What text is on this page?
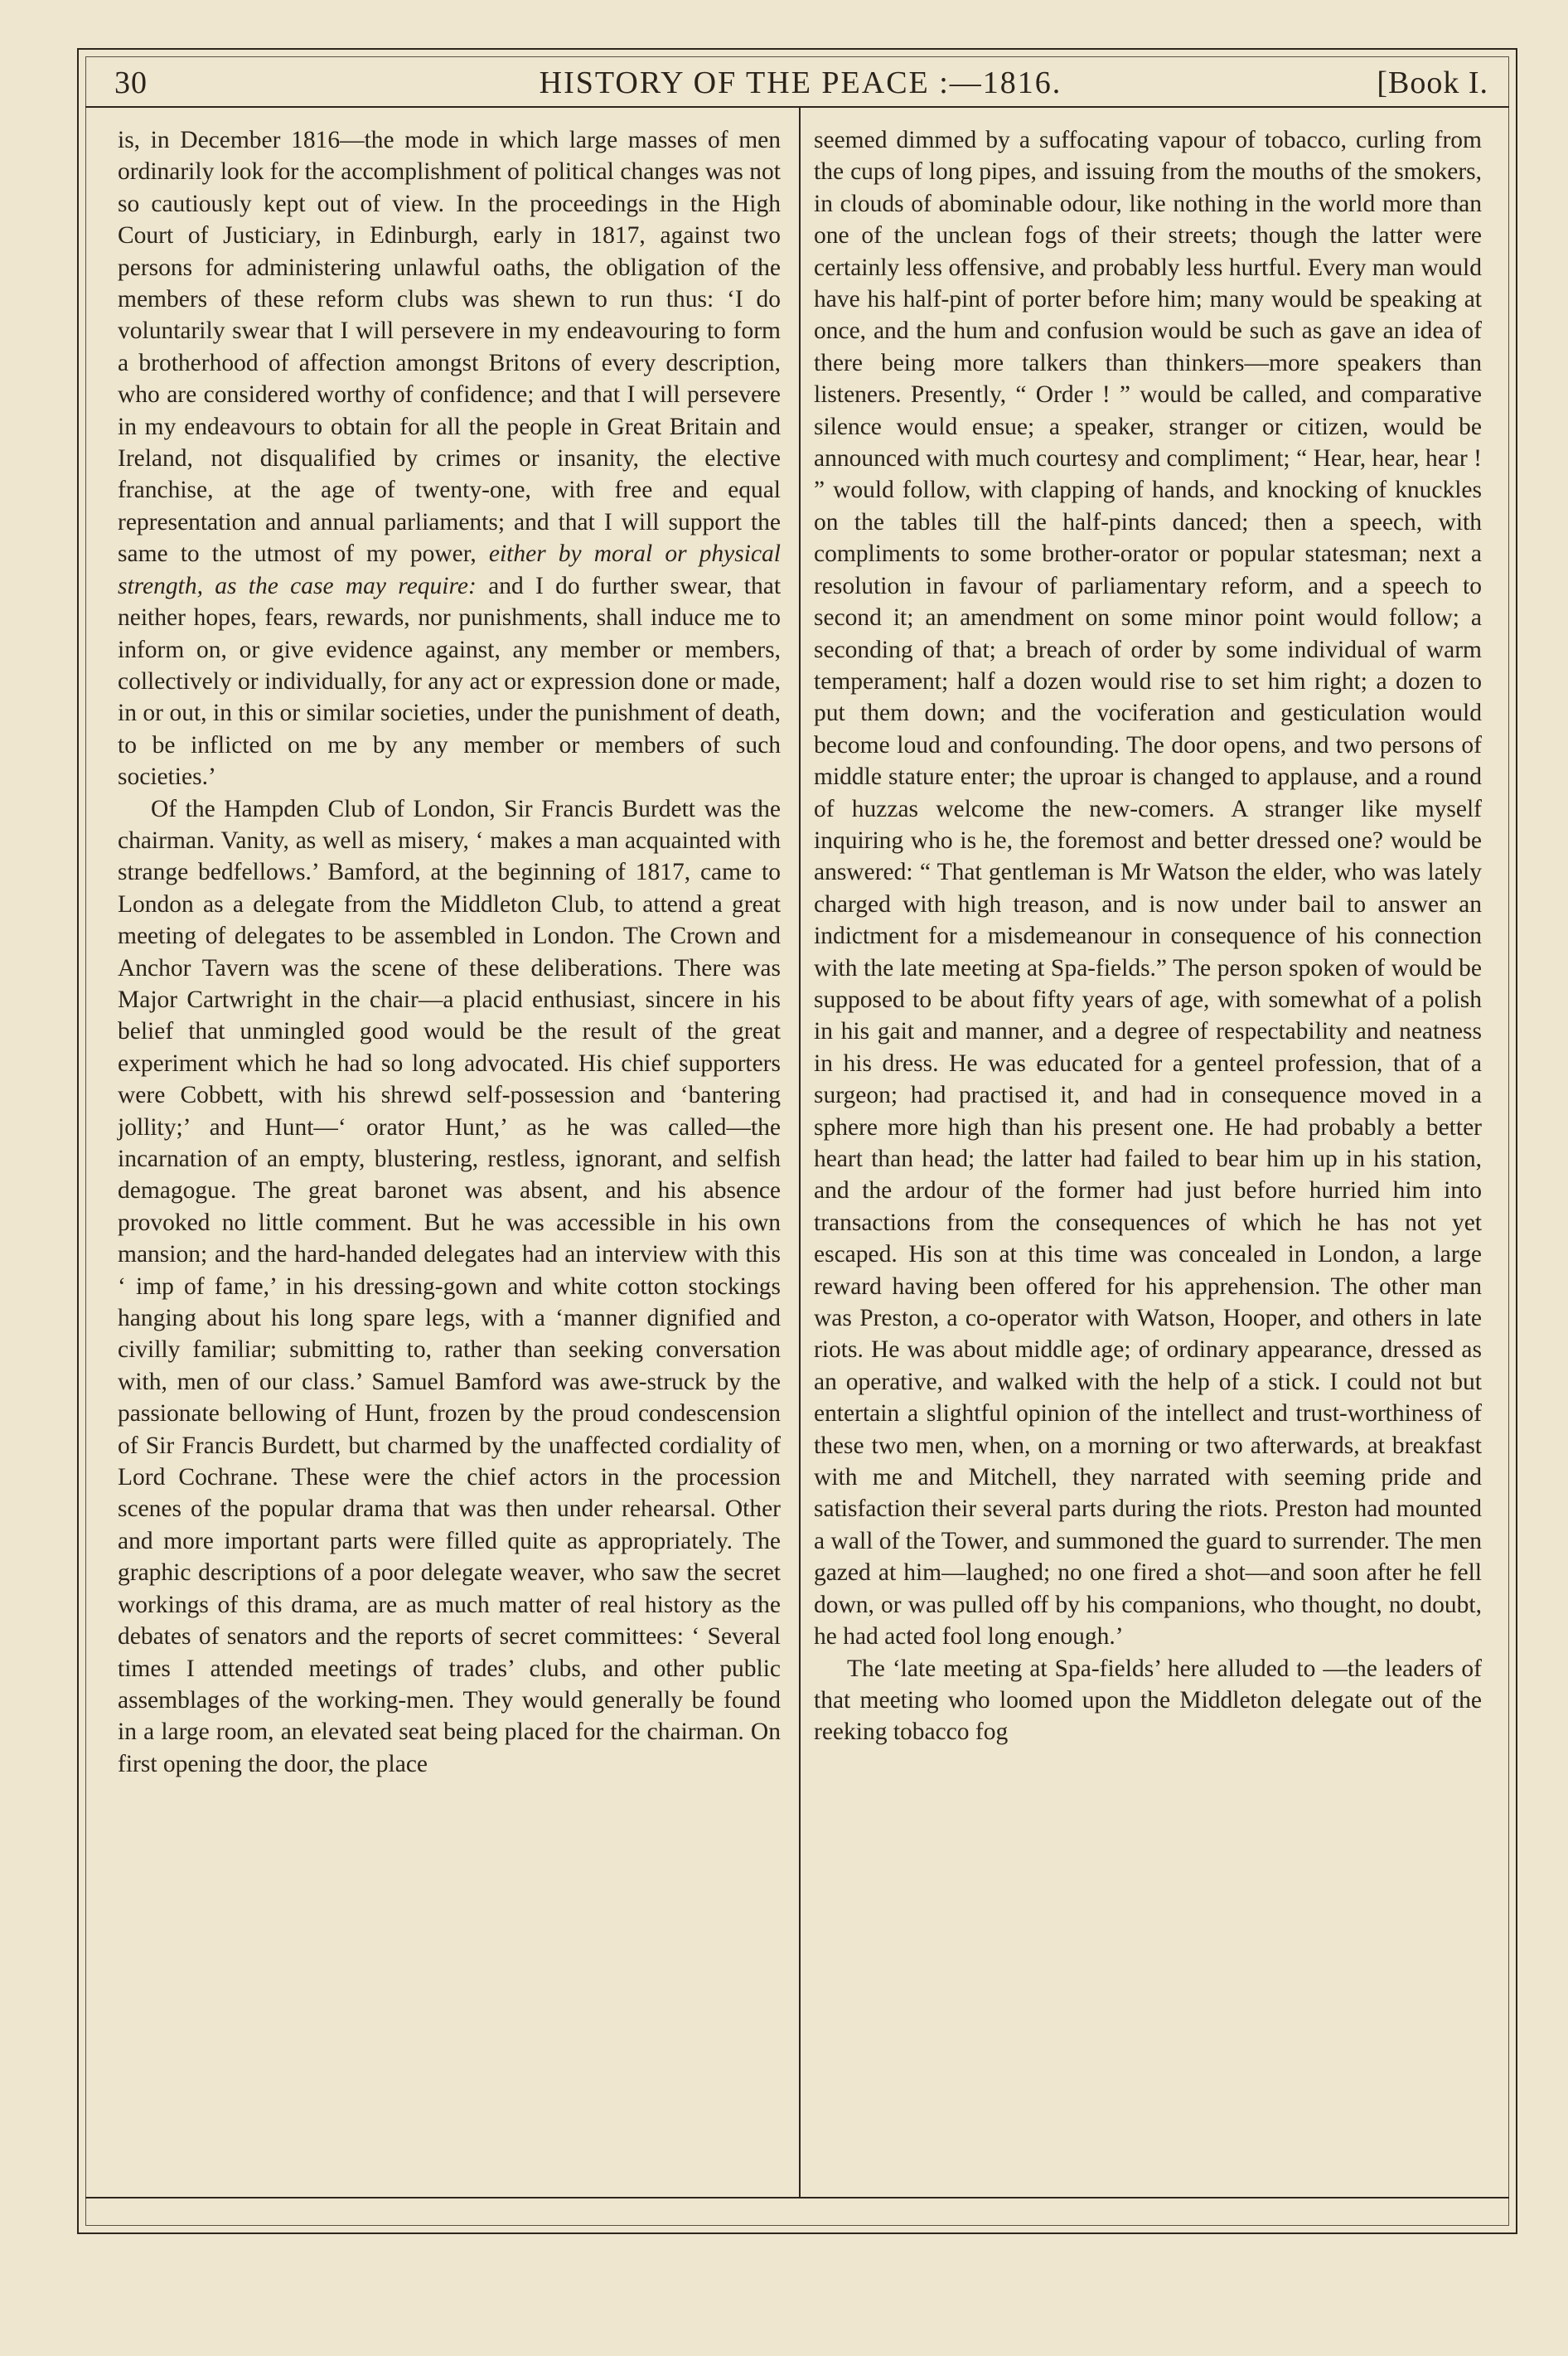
30	HISTORY OF THE PEACE :—1816.	[Book I.

is, in December 1816—the mode in which large masses of men ordinarily look for the accomplishment of political changes was not so cautiously kept out of view. In the proceedings in the High Court of Justiciary, in Edinburgh, early in 1817, against two persons for administering unlawful oaths, the obligation of the members of these reform clubs was shewn to run thus: ‘I do voluntarily swear that I will persevere in my endeavouring to form a brotherhood of affection amongst Britons of every description, who are considered worthy of confidence; and that I will persevere in my endeavours to obtain for all the people in Great Britain and Ireland, not disqualified by crimes or insanity, the elective franchise, at the age of twenty-one, with free and equal representation and annual parliaments; and that I will support the same to the utmost of my power, either by moral or physical strength, as the case may require: and I do further swear, that neither hopes, fears, rewards, nor punishments, shall induce me to inform on, or give evidence against, any member or members, collectively or individually, for any act or expression done or made, in or out, in this or similar societies, under the punishment of death, to be inflicted on me by any member or members of such societies.’

Of the Hampden Club of London, Sir Francis Burdett was the chairman. Vanity, as well as misery, ‘ makes a man acquainted with strange bedfellows.’ Bamford, at the beginning of 1817, came to London as a delegate from the Middleton Club, to attend a great meeting of delegates to be assembled in London. The Crown and Anchor Tavern was the scene of these deliberations. There was Major Cartwright in the chair—a placid enthusiast, sincere in his belief that unmingled good would be the result of the great experiment which he had so long advocated. His chief supporters were Cobbett, with his shrewd self-possession and ‘bantering jollity;’ and Hunt—‘ orator Hunt,’ as he was called—the incarnation of an empty, blustering, restless, ignorant, and selfish demagogue. The great baronet was absent, and his absence provoked no little comment. But he was accessible in his own mansion; and the hard-handed delegates had an interview with this ‘ imp of fame,’ in his dressing-gown and white cotton stockings hanging about his long spare legs, with a ‘manner dignified and civilly familiar; submitting to, rather than seeking conversation with, men of our class.’ Samuel Bamford was awe-struck by the passionate bellowing of Hunt, frozen by the proud condescension of Sir Francis Burdett, but charmed by the unaffected cordiality of Lord Cochrane. These were the chief actors in the procession scenes of the popular drama that was then under rehearsal. Other and more important parts were filled quite as appropriately. The graphic descriptions of a poor delegate weaver, who saw the secret workings of this drama, are as much matter of real history as the debates of senators and the reports of secret committees: ‘ Several times I attended meetings of trades’ clubs, and other public assemblages of the working-men. They would generally be found in a large room, an elevated seat being placed for the chairman. On first opening the door, the place

seemed dimmed by a suffocating vapour of tobacco, curling from the cups of long pipes, and issuing from the mouths of the smokers, in clouds of abominable odour, like nothing in the world more than one of the unclean fogs of their streets; though the latter were certainly less offensive, and probably less hurtful. Every man would have his half-pint of porter before him; many would be speaking at once, and the hum and confusion would be such as gave an idea of there being more talkers than thinkers—more speakers than listeners. Presently, “ Order ! ” would be called, and comparative silence would ensue; a speaker, stranger or citizen, would be announced with much courtesy and compliment; “ Hear, hear, hear ! ” would follow, with clapping of hands, and knocking of knuckles on the tables till the half-pints danced; then a speech, with compliments to some brother-orator or popular statesman; next a resolution in favour of parliamentary reform, and a speech to second it; an amendment on some minor point would follow; a seconding of that; a breach of order by some individual of warm temperament; half a dozen would rise to set him right; a dozen to put them down; and the vociferation and gesticulation would become loud and confounding. The door opens, and two persons of middle stature enter; the uproar is changed to applause, and a round of huzzas welcome the new-comers. A stranger like myself inquiring who is he, the foremost and better dressed one? would be answered: “ That gentleman is Mr Watson the elder, who was lately charged with high treason, and is now under bail to answer an indictment for a misdemeanour in consequence of his connection with the late meeting at Spa-fields.” The person spoken of would be supposed to be about fifty years of age, with somewhat of a polish in his gait and manner, and a degree of respectability and neatness in his dress. He was educated for a genteel profession, that of a surgeon; had practised it, and had in consequence moved in a sphere more high than his present one. He had probably a better heart than head; the latter had failed to bear him up in his station, and the ardour of the former had just before hurried him into transactions from the consequences of which he has not yet escaped. His son at this time was concealed in London, a large reward having been offered for his apprehension. The other man was Preston, a co-operator with Watson, Hooper, and others in late riots. He was about middle age; of ordinary appearance, dressed as an operative, and walked with the help of a stick. I could not but entertain a slightful opinion of the intellect and trust-worthiness of these two men, when, on a morning or two afterwards, at breakfast with me and Mitchell, they narrated with seeming pride and satisfaction their several parts during the riots. Preston had mounted a wall of the Tower, and summoned the guard to surrender. The men gazed at him—laughed; no one fired a shot—and soon after he fell down, or was pulled off by his companions, who thought, no doubt, he had acted fool long enough.’

The ‘late meeting at Spa-fields’ here alluded to —the leaders of that meeting who loomed upon the Middleton delegate out of the reeking tobacco fog
